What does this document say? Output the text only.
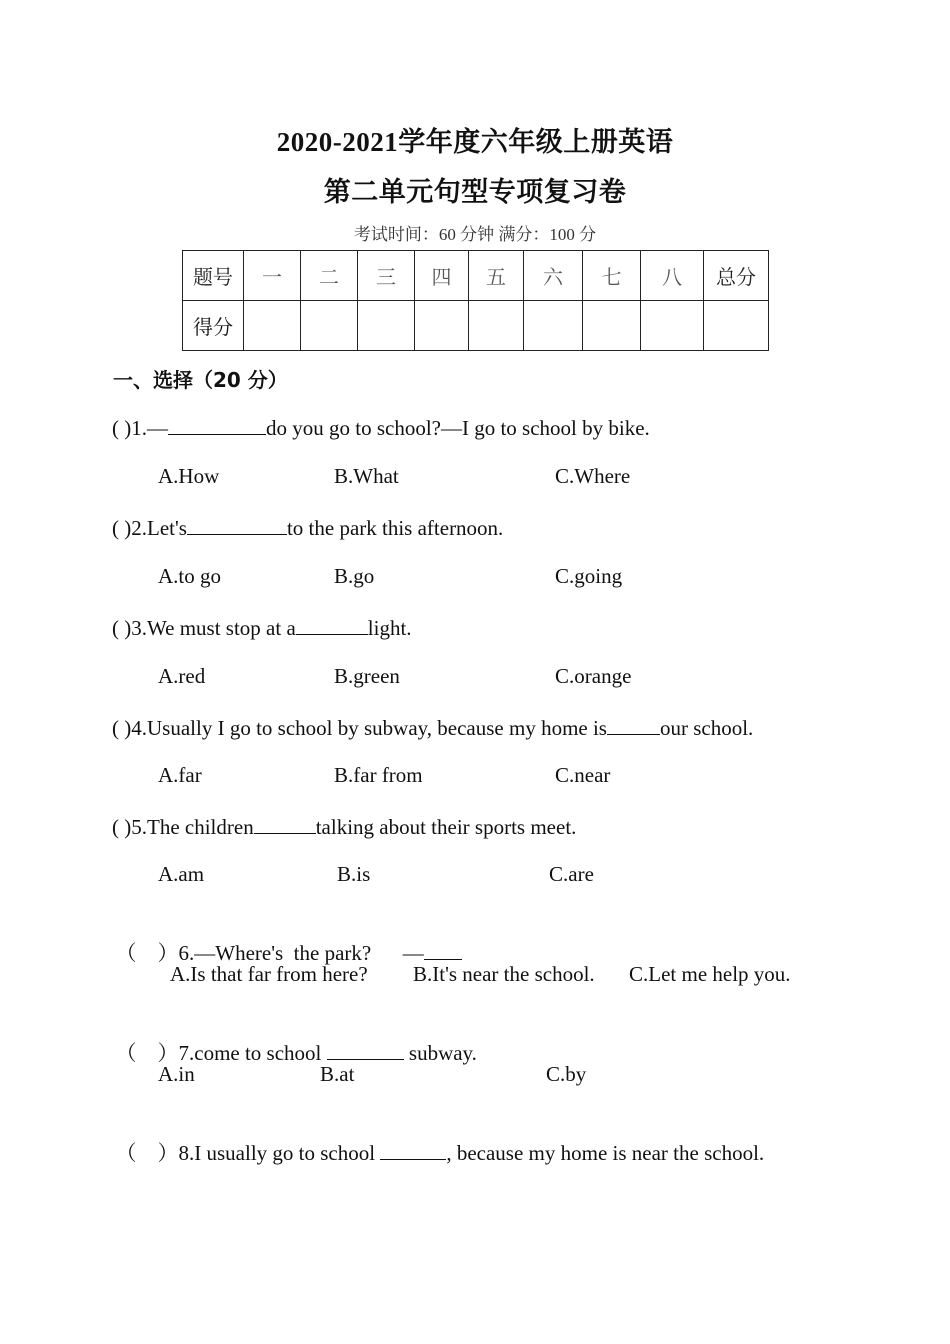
2020-2021学年度六年级上册英语
第二单元句型专项复习卷
考试时间：60 分钟 满分：100 分
题号	一	二	三	四	五	六	七	八	总分
得分									
一、选择（20 分）
( )1.—	do you go to school?—I go to school by bike.
A.How	B.What	C.Where
( )2.Let's	to the park this afternoon.
A.to go	B.go	C.going
( )3.We must stop at a	light.
A.red	B.green	C.orange
( )4.Usually I go to school by subway, because my home is	our school.
A.far	B.far from	C.near
( )5.The children	talking about their sports meet.
A.am	B.is	C.are

（    ）6.—Where's  the park?      —

A.Is that far from here? B.It's near the school. C.Let me help you.

（    ）7.come to school	subway.

A.in	B.at	C.by

（    ）8.I usually go to school	, because my home is near the school.
